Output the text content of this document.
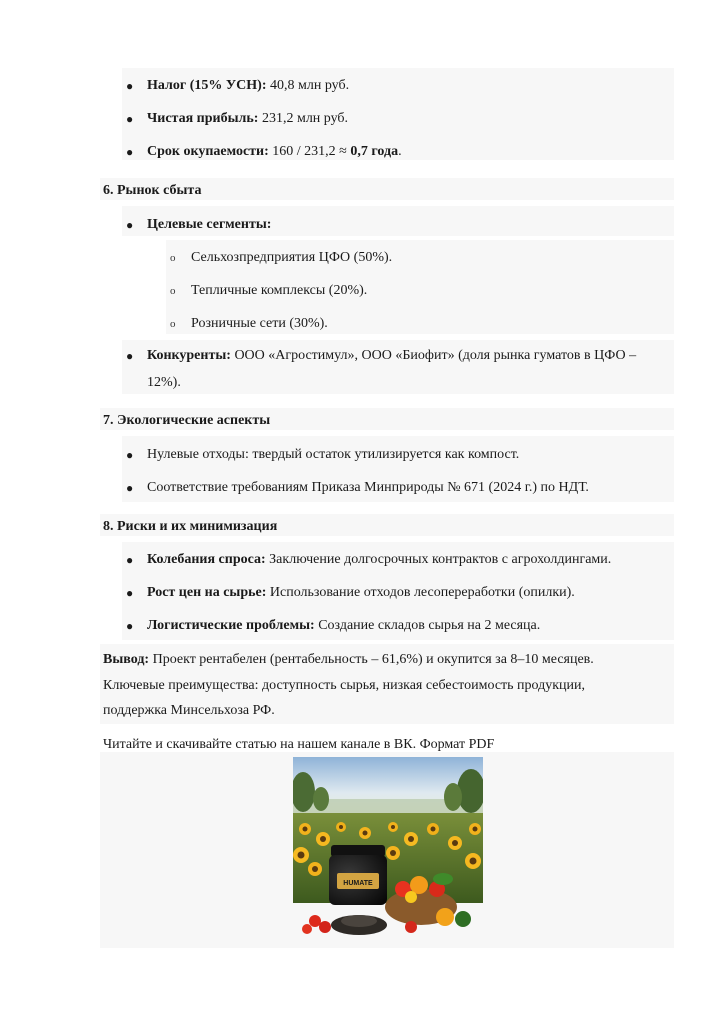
● Налог (15% УСН): 40,8 млн руб.
● Чистая прибыль: 231,2 млн руб.
● Срок окупаемости: 160 / 231,2 ≈ 0,7 года.
6. Рынок сбыта
● Целевые сегменты:
o Сельхозпредприятия ЦФО (50%).
o Тепличные комплексы (20%).
o Розничные сети (30%).
● Конкуренты: ООО «Агростимул», ООО «Биофит» (доля рынка гуматов в ЦФО –
12%).
7. Экологические аспекты
● Нулевые отходы: твердый остаток утилизируется как компост.
● Соответствие требованиям Приказа Минприроды № 671 (2024 г.) по НДТ.
8. Риски и их минимизация
● Колебания спроса: Заключение долгосрочных контрактов с агрохолдингами.
● Рост цен на сырье: Использование отходов лесопереработки (опилки).
● Логистические проблемы: Создание складов сырья на 2 месяца.
Вывод: Проект рентабелен (рентабельность – 61,6%) и окупится за 8–10 месяцев.
Ключевые преимущества: доступность сырья, низкая себестоимость продукции,
поддержка Минсельхоза РФ.
Читайте и скачивайте статью на нашем канале в ВК. Формат PDF
HUMATE
